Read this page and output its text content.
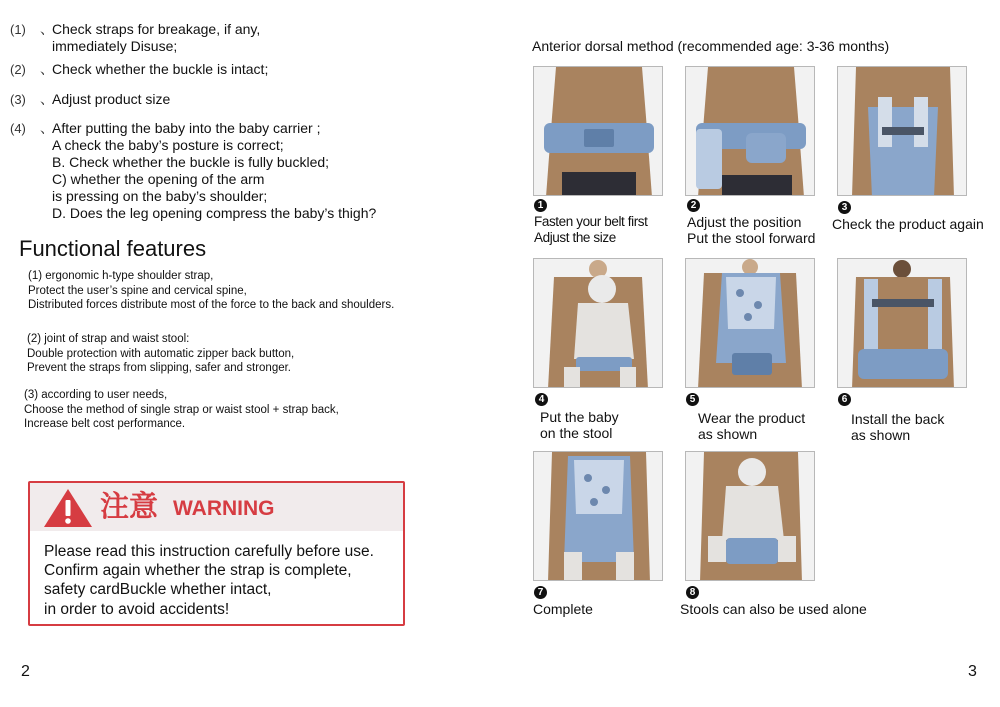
(1) 、
Check straps for breakage, if any,
immediately Disuse;
(2) 、
Check whether the buckle is intact;
(3) 、
Adjust product size
(4) 、
After putting the baby into the baby carrier ;
A check the baby’s posture is correct;
B. Check whether the buckle is fully buckled;
C) whether the opening of the arm
is pressing on the baby’s shoulder;
D. Does the leg opening compress the baby’s thigh?
Functional features
(1) ergonomic h-type shoulder strap,
Protect the user’s spine and cervical spine,
Distributed forces distribute most of the force to the back and shoulders.
(2) joint of strap and waist stool:
Double protection with automatic zipper back button,
Prevent the straps from slipping, safer and stronger.
(3) according to user needs,
Choose the method of single strap or waist stool + strap back,
Increase belt cost performance.
注意 WARNING
Please read this instruction carefully before use.
Confirm again whether the strap is complete,
safety cardBuckle whether intact,
in order to avoid accidents!
2
Anterior dorsal method (recommended age: 3-36 months)
1
Fasten your belt first
Adjust the size
2
Adjust the position
Put the stool forward
3
Check the product again
4
Put the baby
on the stool
5
Wear the product
as shown
6
Install the back
as shown
7
Complete
8
Stools can also be used alone
3
